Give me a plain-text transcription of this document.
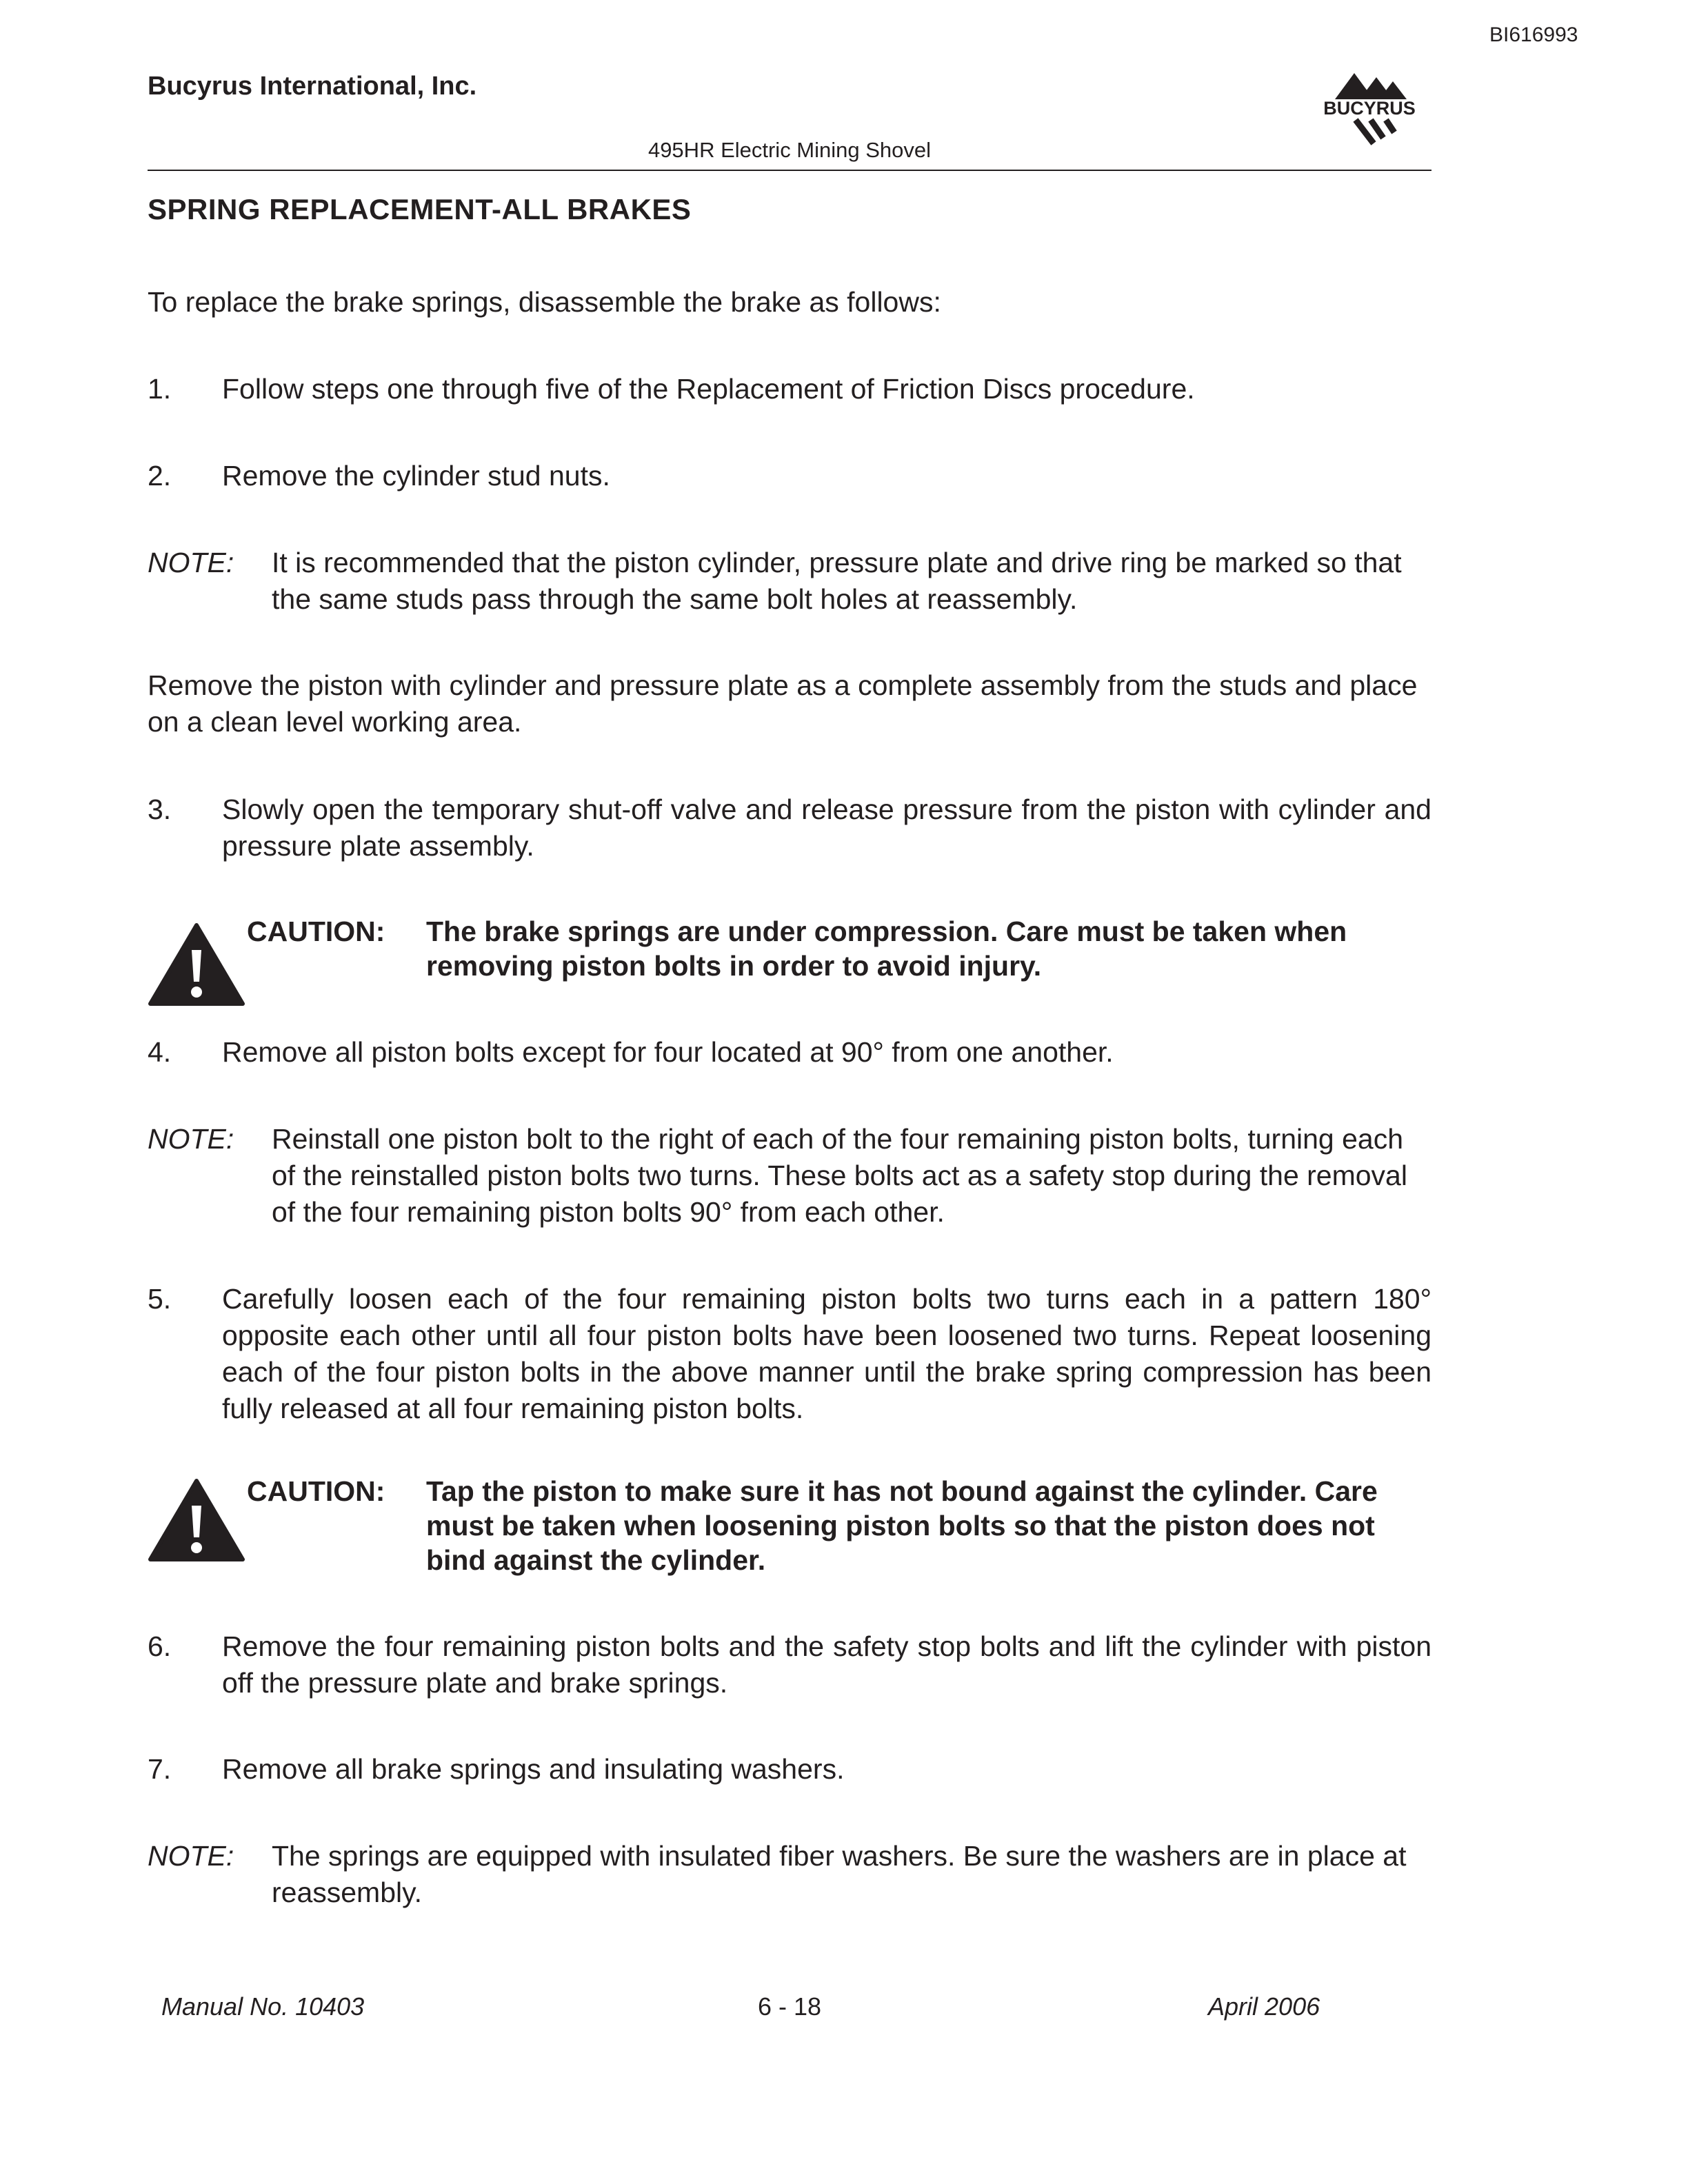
BI616993
Bucyrus International, Inc.
BUCYRUS
495HR Electric Mining Shovel
SPRING REPLACEMENT-ALL BRAKES
To replace the brake springs, disassemble the brake as follows:
1. Follow steps one through five of the Replacement of Friction Discs procedure.
2. Remove the cylinder stud nuts.
NOTE: It is recommended that the piston cylinder, pressure plate and drive ring be marked so that the same studs pass through the same bolt holes at reassembly.
Remove the piston with cylinder and pressure plate as a complete assembly from the studs and place on a clean level working area.
3. Slowly open the temporary shut-off valve and release pressure from the piston with cylinder and pressure plate assembly.
CAUTION: The brake springs are under compression. Care must be taken when removing piston bolts in order to avoid injury.
4. Remove all piston bolts except for four located at 90° from one another.
NOTE: Reinstall one piston bolt to the right of each of the four remaining piston bolts, turning each of the reinstalled piston bolts two turns. These bolts act as a safety stop during the removal of the four remaining piston bolts 90° from each other.
5. Carefully loosen each of the four remaining piston bolts two turns each in a pattern 180° opposite each other until all four piston bolts have been loosened two turns. Repeat loosening each of the four piston bolts in the above manner until the brake spring compression has been fully released at all four remaining piston bolts.
CAUTION: Tap the piston to make sure it has not bound against the cylinder. Care must be taken when loosening piston bolts so that the piston does not bind against the cylinder.
6. Remove the four remaining piston bolts and the safety stop bolts and lift the cylinder with piston off the pressure plate and brake springs.
7. Remove all brake springs and insulating washers.
NOTE: The springs are equipped with insulated fiber washers. Be sure the washers are in place at reassembly.
Manual No. 10403	6 - 18	April 2006
